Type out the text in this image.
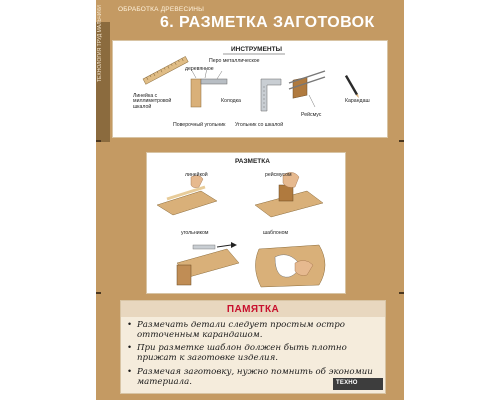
ТЕХНОЛОГИЯ ТРУД МАЛЬЧИКИ ОБРАБОТКА ДРЕВЕСИНЫ
6. РАЗМЕТКА ЗАГОТОВОК
ИНСТРУМЕНТЫ
Перо металлическое
деревянное
Линейка с миллиметровой шкалой
Колодка
Поверочный угольник Угольник со шкалой
Рейсмус
Карандаш
РАЗМЕТКА
линейкой	рейсмусом
угольником	шаблоном
ПАМЯТКА
• Размечать детали следует простым остро отточенным карандашом.
• При разметке шаблон должен быть плотно прижат к заготовке изделия.
• Размечая заготовку, нужно помнить об экономии материала.	ТЕХНО
